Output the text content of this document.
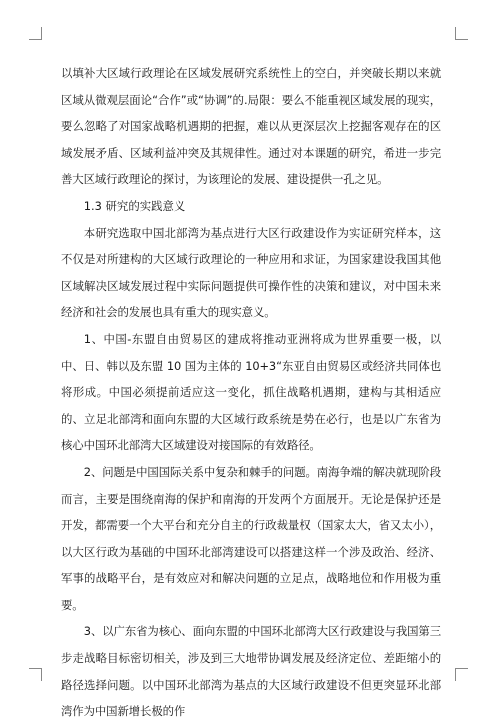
以填补大区域行政理论在区域发展研究系统性上的空白，并突破长期以来就区域从微观层面论“合作”或“协调”的.局限：要么不能重视区域发展的现实，要么忽略了对国家战略机遇期的把握，难以从更深层次上挖掘客观存在的区域发展矛盾、区域利益冲突及其规律性。通过对本课题的研究，希进一步完善大区域行政理论的探讨，为该理论的发展、建设提供一孔之见。

1.3 研究的实践意义

本研究选取中国北部湾为基点进行大区行政建设作为实证研究样本，这不仅是对所建构的大区域行政理论的一种应用和求证，为国家建设我国其他区域解决区域发展过程中实际问题提供可操作性的决策和建议，对中国未来经济和社会的发展也具有重大的现实意义。

1、中国-东盟自由贸易区的建成将推动亚洲将成为世界重要一极，以中、日、韩以及东盟 10 国为主体的 10+3“东亚自由贸易区或经济共同体也将形成。中国必须提前适应这一变化，抓住战略机遇期，建构与其相适应的、立足北部湾和面向东盟的大区域行政系统是势在必行，也是以广东省为核心中国环北部湾大区域建设对接国际的有效路径。

2、问题是中国国际关系中复杂和棘手的问题。南海争端的解决就现阶段而言，主要是围绕南海的保护和南海的开发两个方面展开。无论是保护还是开发，都需要一个大平台和充分自主的行政裁量权（国家太大，省又太小），以大区行政为基础的中国环北部湾建设可以搭建这样一个涉及政治、经济、军事的战略平台，是有效应对和解决问题的立足点，战略地位和作用极为重要。

3、以广东省为核心、面向东盟的中国环北部湾大区行政建设与我国第三步走战略目标密切相关，涉及到三大地带协调发展及经济定位、差距缩小的路径选择问题。以中国环北部湾为基点的大区域行政建设不但更突显环北部湾作为中国新增长极的作
